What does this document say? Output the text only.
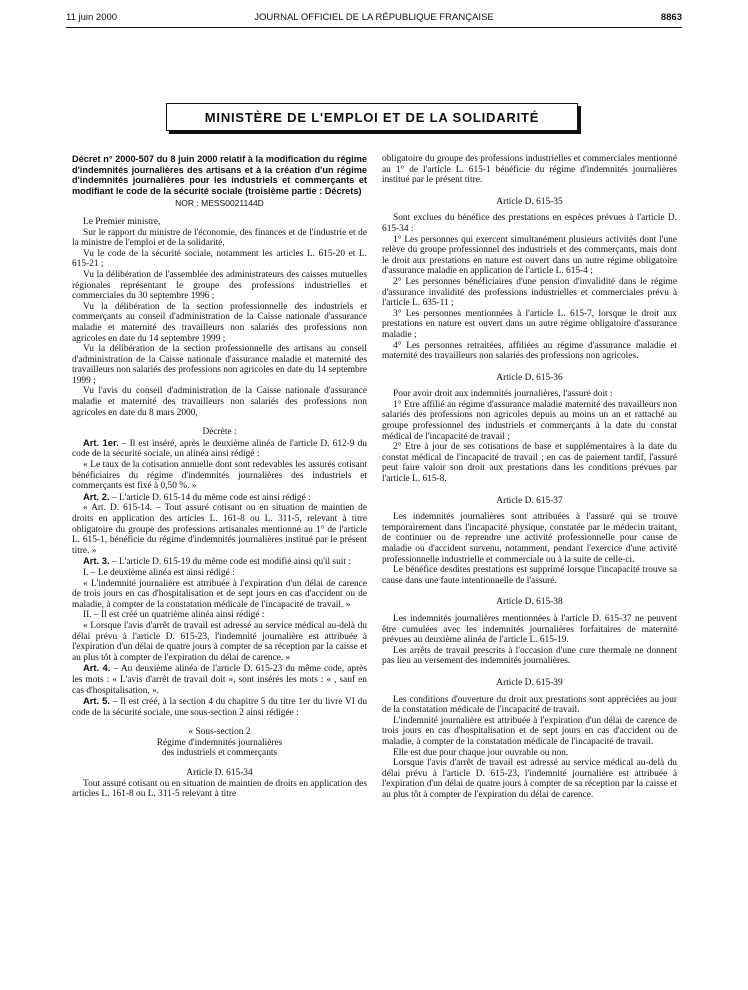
11 juin 2000	JOURNAL OFFICIEL DE LA RÉPUBLIQUE FRANÇAISE	8863
MINISTÈRE DE L'EMPLOI ET DE LA SOLIDARITÉ

Décret n° 2000-507 du 8 juin 2000 relatif à la modification du régime d'indemnités journalières des artisans et à la création d'un régime d'indemnités journalières pour les industriels et commerçants et modifiant le code de la sécurité sociale (troisième partie : Décrets)

NOR : MESS0021144D

Le Premier ministre,

Sur le rapport du ministre de l'économie, des finances et de l'industrie et de la ministre de l'emploi et de la solidarité,

Vu le code de la sécurité sociale, notamment les articles L. 615-20 et L. 615-21 ;

Vu la délibération de l'assemblée des administrateurs des caisses mutuelles régionales représentant le groupe des professions industrielles et commerciales du 30 septembre 1996 ;

Vu la délibération de la section professionnelle des industriels et commerçants au conseil d'administration de la Caisse nationale d'assurance maladie et maternité des travailleurs non salariés des professions non agricoles en date du 14 septembre 1999 ;

Vu la délibération de la section professionnelle des artisans au conseil d'administration de la Caisse nationale d'assurance maladie et maternité des travailleurs non salariés des professions non agricoles en date du 14 septembre 1999 ;

Vu l'avis du conseil d'administration de la Caisse nationale d'assurance maladie et maternité des travailleurs non salariés des professions non agricoles en date du 8 mars 2000,

Décrète :

Art. 1er. – Il est inséré, après le deuxième alinéa de l'article D. 612-9 du code de la sécurité sociale, un alinéa ainsi rédigé :

« Le taux de la cotisation annuelle dont sont redevables les assurés cotisant bénéficiaires du régime d'indemnités journalières des industriels et commerçants est fixé à 0,50 %. »

Art. 2. – L'article D. 615-14 du même code est ainsi rédigé :

« Art. D. 615-14. – Tout assuré cotisant ou en situation de maintien de droits en application des articles L. 161-8 ou L. 311-5, relevant à titre obligatoire du groupe des professions artisanales mentionné au 1° de l'article L. 615-1, bénéficie du régime d'indemnités journalières institué par le présent titre. »

Art. 3. – L'article D. 615-19 du même code est modifié ainsi qu'il suit :

I. – Le deuxième alinéa est ainsi rédigé :

« L'indemnité journalière est attribuée à l'expiration d'un délai de carence de trois jours en cas d'hospitalisation et de sept jours en cas d'accident ou de maladie, à compter de la constatation médicale de l'incapacité de travail. »

II. – Il est créé un quatrième alinéa ainsi rédigé :

« Lorsque l'avis d'arrêt de travail est adressé au service médical au-delà du délai prévu à l'article D. 615-23, l'indemnité journalière est attribuée à l'expiration d'un délai de quatre jours à compter de sa réception par la caisse et au plus tôt à compter de l'expiration du délai de carence. »

Art. 4. – Au deuxième alinéa de l'article D. 615-23 du même code, après les mots : « L'avis d'arrêt de travail doit », sont insérés les mots : « , sauf en cas d'hospitalisation, ».

Art. 5. – Il est créé, à la section 4 du chapitre 5 du titre 1er du livre VI du code de la sécurité sociale, une sous-section 2 ainsi rédigée :

« Sous-section 2

Régime d'indemnités journalières

des industriels et commerçants

Article D. 615-34

Tout assuré cotisant ou en situation de maintien de droits en application des articles L. 161-8 ou L. 311-5 relevant à titre

obligatoire du groupe des professions industrielles et commerciales mentionné au 1° de l'article L. 615-1 bénéficie du régime d'indemnités journalières institué par le présent titre.

Article D. 615-35

Sont exclues du bénéfice des prestations en espèces prévues à l'article D. 615-34 :

1° Les personnes qui exercent simultanément plusieurs activités dont l'une relève du groupe professionnel des industriels et des commerçants, mais dont le droit aux prestations en nature est ouvert dans un autre régime obligatoire d'assurance maladie en application de l'article L. 615-4 ;

2° Les personnes bénéficiaires d'une pension d'invalidité dans le régime d'assurance invalidité des professions industrielles et commerciales prévu à l'article L. 635-11 ;

3° Les personnes mentionnées à l'article L. 615-7, lorsque le droit aux prestations en nature est ouvert dans un autre régime obligatoire d'assurance maladie ;

4° Les personnes retraitées, affiliées au régime d'assurance maladie et maternité des travailleurs non salariés des professions non agricoles.

Article D. 615-36

Pour avoir droit aux indemnités journalières, l'assuré doit :

1° Etre affilié au régime d'assurance maladie maternité des travailleurs non salariés des professions non agricoles depuis au moins un an et rattaché au groupe professionnel des industriels et commerçants à la date du constat médical de l'incapacité de travail ;

2° Etre à jour de ses cotisations de base et supplémentaires à la date du constat médical de l'incapacité de travail ; en cas de paiement tardif, l'assuré peut faire valoir son droit aux prestations dans les conditions prévues par l'article L. 615-8.

Article D. 615-37

Les indemnités journalières sont attribuées à l'assuré qui se trouve temporairement dans l'incapacité physique, constatée par le médecin traitant, de continuer ou de reprendre une activité professionnelle pour cause de maladie ou d'accident survenu, notamment, pendant l'exercice d'une activité professionnelle industrielle et commerciale ou à la suite de celle-ci.

Le bénéfice desdites prestations est supprimé lorsque l'incapacité trouve sa cause dans une faute intentionnelle de l'assuré.

Article D. 615-38

Les indemnités journalières mentionnées à l'article D. 615-37 ne peuvent être cumulées avec les indemnités journalières forfaitaires de maternité prévues au deuxième alinéa de l'article L. 615-19.

Les arrêts de travail prescrits à l'occasion d'une cure thermale ne donnent pas lieu au versement des indemnités journalières.

Article D. 615-39

Les conditions d'ouverture du droit aux prestations sont appréciées au jour de la constatation médicale de l'incapacité de travail.

L'indemnité journalière est attribuée à l'expiration d'un délai de carence de trois jours en cas d'hospitalisation et de sept jours en cas d'accident ou de maladie, à compter de la constatation médicale de l'incapacité de travail.

Elle est due pour chaque jour ouvrable ou non.

Lorsque l'avis d'arrêt de travail est adressé au service médical au-delà du délai prévu à l'article D. 615-23, l'indemnité journalière est attribuée à l'expiration d'un délai de quatre jours à compter de sa réception par la caisse et au plus tôt à compter de l'expiration du délai de carence.
